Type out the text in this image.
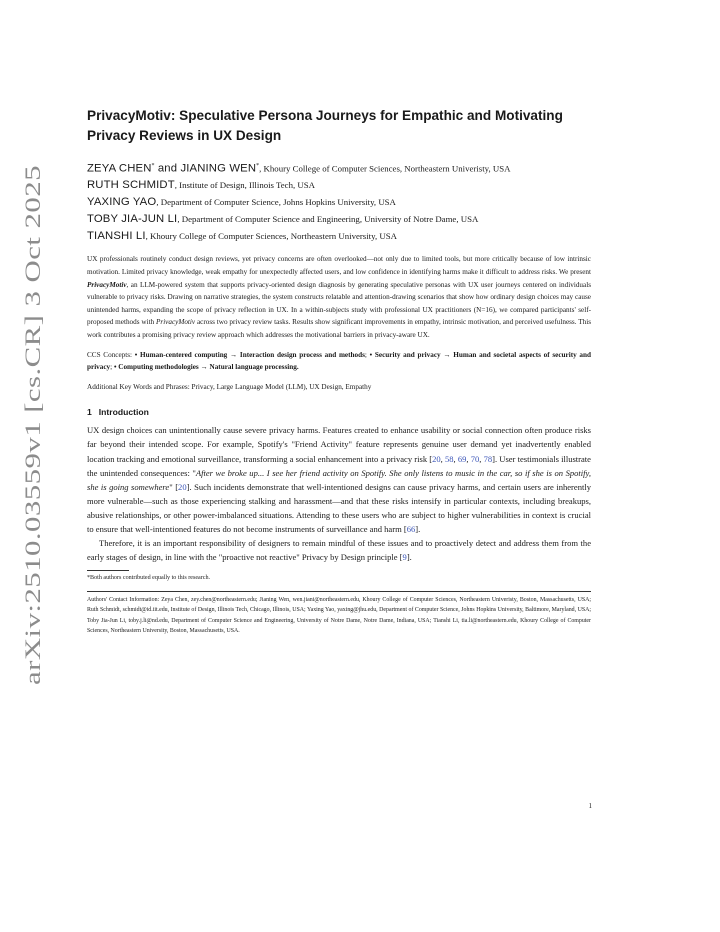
arXiv:2510.03559v1 [cs.CR] 3 Oct 2025
PrivacyMotiv: Speculative Persona Journeys for Empathic and Motivating
Privacy Reviews in UX Design
ZEYA CHEN* and JIANING WEN*, Khoury College of Computer Sciences, Northeastern Univeristy, USA
RUTH SCHMIDT, Institute of Design, Illinois Tech, USA
YAXING YAO, Department of Computer Science, Johns Hopkins University, USA
TOBY JIA-JUN LI, Department of Computer Science and Engineering, University of Notre Dame, USA
TIANSHI LI, Khoury College of Computer Sciences, Northeastern University, USA

UX professionals routinely conduct design reviews, yet privacy concerns are often overlooked—not only due to limited tools, but more critically because of low intrinsic motivation. Limited privacy knowledge, weak empathy for unexpectedly affected users, and low confidence in identifying harms make it difficult to address risks. We present PrivacyMotiv, an LLM-powered system that supports privacy-oriented design diagnosis by generating speculative personas with UX user journeys centered on individuals vulnerable to privacy risks. Drawing on narrative strategies, the system constructs relatable and attention-drawing scenarios that show how ordinary design choices may cause unintended harms, expanding the scope of privacy reflection in UX. In a within-subjects study with professional UX practitioners (N=16), we compared participants' self-proposed methods with PrivacyMotiv across two privacy review tasks. Results show significant improvements in empathy, intrinsic motivation, and perceived usefulness. This work contributes a promising privacy review approach which addresses the motivational barriers in privacy-aware UX.

CCS Concepts: • Human-centered computing → Interaction design process and methods; • Security and privacy → Human and societal aspects of security and privacy; • Computing methodologies → Natural language processing.

Additional Key Words and Phrases: Privacy, Large Language Model (LLM), UX Design, Empathy

1 Introduction

UX design choices can unintentionally cause severe privacy harms. Features created to enhance usability or social connection often produce risks far beyond their intended scope. For example, Spotify's "Friend Activity" feature represents genuine user demand yet inadvertently enabled location tracking and emotional surveillance, transforming a social enhancement into a privacy risk [20, 58, 69, 70, 78]. User testimonials illustrate the unintended consequences: "After we broke up... I see her friend activity on Spotify. She only listens to music in the car, so if she is on Spotify, she is going somewhere" [20]. Such incidents demonstrate that well-intentioned designs can cause privacy harms, and certain users are inherently more vulnerable—such as those experiencing stalking and harassment—and that these risks intensify in particular contexts, including breakups, abusive relationships, or other power-imbalanced situations. Attending to these users who are subject to higher vulnerabilities in context is crucial to ensure that well-intentioned features do not become instruments of surveillance and harm [66].

Therefore, it is an important responsibility of designers to remain mindful of these issues and to proactively detect and address them from the early stages of design, in line with the "proactive not reactive" Privacy by Design principle [9].

*Both authors contributed equally to this research.

Authors' Contact Information: Zeya Chen, zey.chen@northeastern.edu; Jianing Wen, wen.jiani@northeastern.edu, Khoury College of Computer Sciences, Northeastern Univeristy, Boston, Massachusetts, USA; Ruth Schmidt, schmidt@id.iit.edu, Institute of Design, Illinois Tech, Chicago, Illinois, USA; Yaxing Yao, yaxing@jhu.edu, Department of Computer Science, Johns Hopkins University, Baltimore, Maryland, USA; Toby Jia-Jun Li, toby.j.li@nd.edu, Department of Computer Science and Engineering, University of Notre Dame, Notre Dame, Indiana, USA; Tianshi Li, tia.li@northeastern.edu, Khoury College of Computer Sciences, Northeastern University, Boston, Massachusetts, USA.

1
